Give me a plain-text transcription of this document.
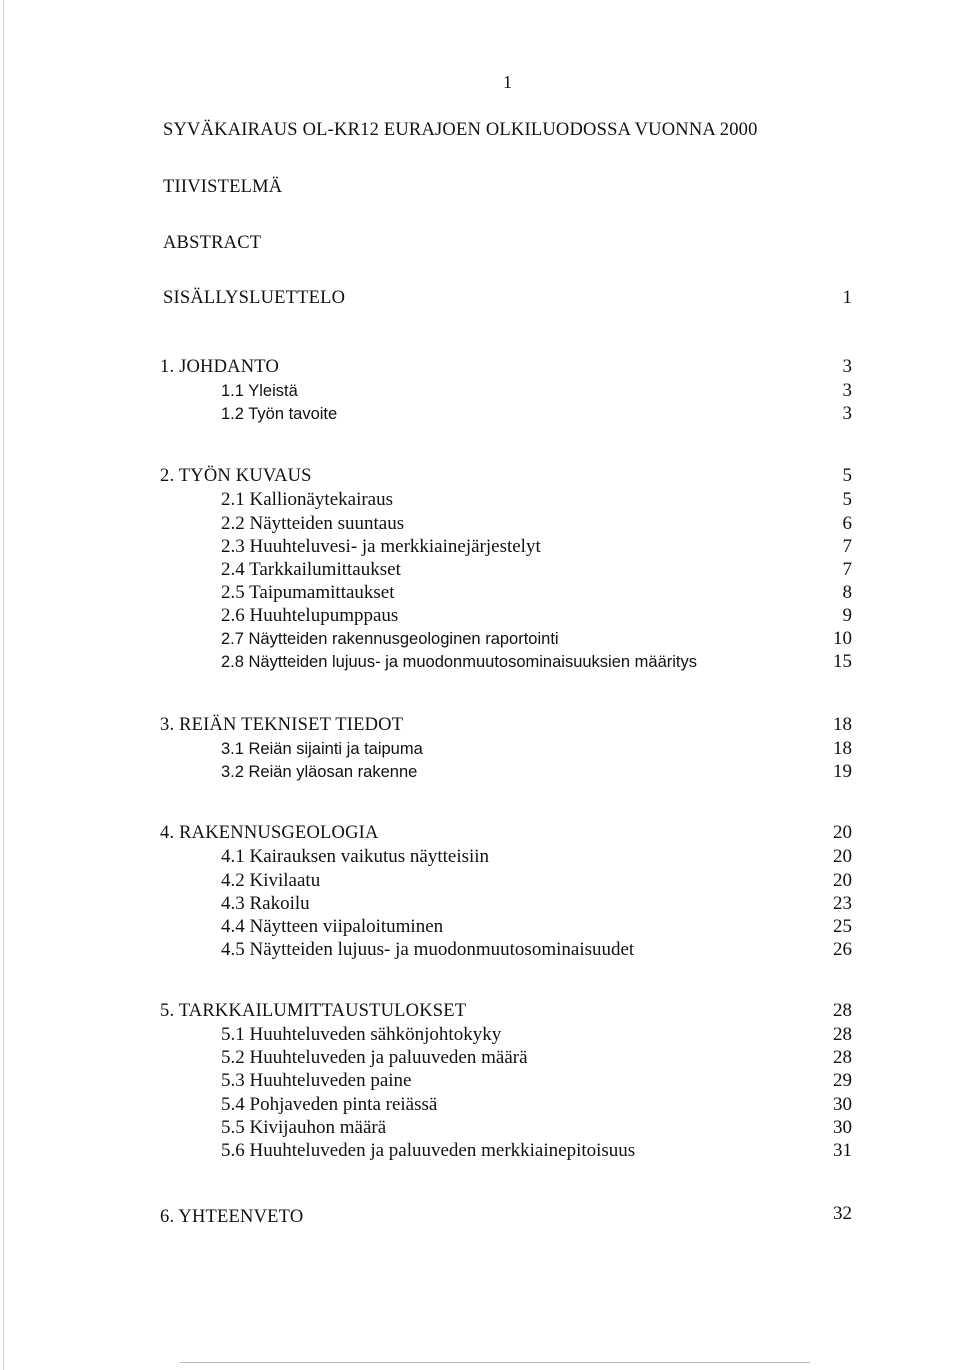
1
SYVÄKAIRAUS OL-KR12 EURAJOEN OLKILUODOSSA VUONNA 2000
TIIVISTELMÄ
ABSTRACT
SISÄLLYSLUETTELO	1
1. JOHDANTO	3
1.1 Yleistä	3
1.2 Työn tavoite	3
2. TYÖN KUVAUS	5
2.1 Kallionäytekairaus	5
2.2 Näytteiden suuntaus	6
2.3 Huuhteluvesi- ja merkkiainejärjestelyt	7
2.4 Tarkkailumittaukset	7
2.5 Taipumamittaukset	8
2.6 Huuhtelupumppaus	9
2.7 Näytteiden rakennusgeologinen raportointi	10
2.8 Näytteiden lujuus- ja muodonmuutosominaisuuksien määritys	15
3. REIÄN TEKNISET TIEDOT	18
3.1 Reiän sijainti ja taipuma	18
3.2 Reiän yläosan rakenne	19
4. RAKENNUSGEOLOGIA	20
4.1 Kairauksen vaikutus näytteisiin	20
4.2 Kivilaatu	20
4.3 Rakoilu	23
4.4 Näytteen viipaloituminen	25
4.5 Näytteiden lujuus- ja muodonmuutosominaisuudet	26
5. TARKKAILUMITTAUSTULOKSET	28
5.1 Huuhteluveden sähkönjohtokyky	28
5.2 Huuhteluveden ja paluuveden määrä	28
5.3 Huuhteluveden paine	29
5.4 Pohjaveden pinta reiässä	30
5.5 Kivijauhon määrä	30
5.6 Huuhteluveden ja paluuveden merkkiainepitoisuus	31
6. YHTEENVETO	32
